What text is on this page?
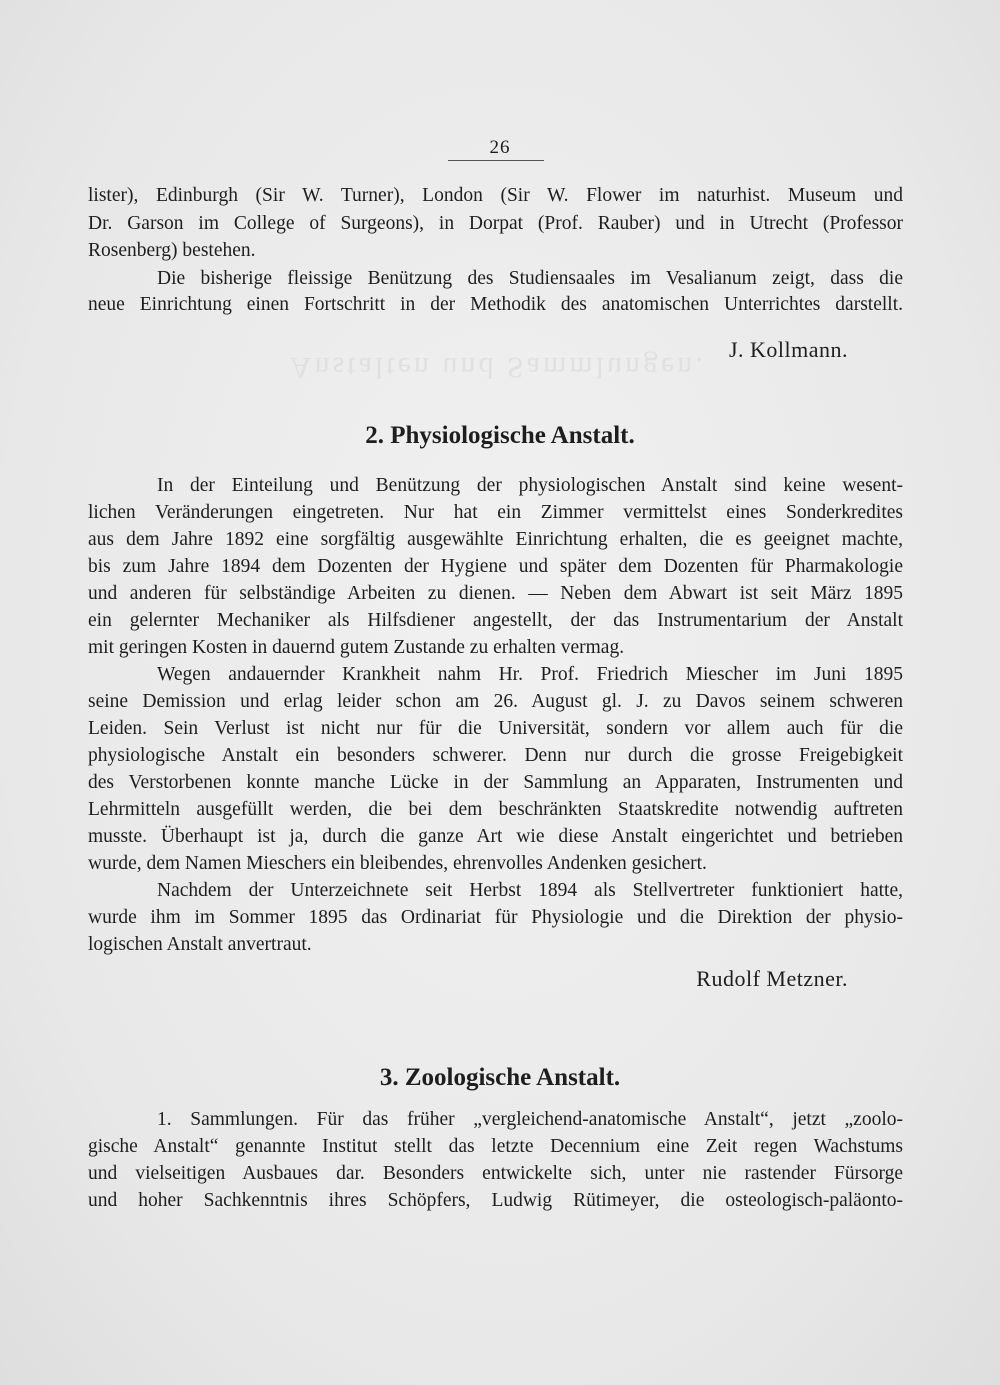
Anstalten und Sammlungen.
26
lister), Edinburgh (Sir W. Turner), London (Sir W. Flower im naturhist. Museum und
Dr. Garson im College of Surgeons), in Dorpat (Prof. Rauber) und in Utrecht (Professor
Rosenberg) bestehen.
Die bisherige fleissige Benützung des Studiensaales im Vesalianum zeigt, dass die
neue Einrichtung einen Fortschritt in der Methodik des anatomischen Unterrichtes darstellt.
J. Kollmann.
2. Physiologische Anstalt.
In der Einteilung und Benützung der physiologischen Anstalt sind keine wesent-
lichen Veränderungen eingetreten. Nur hat ein Zimmer vermittelst eines Sonderkredites
aus dem Jahre 1892 eine sorgfältig ausgewählte Einrichtung erhalten, die es geeignet machte,
bis zum Jahre 1894 dem Dozenten der Hygiene und später dem Dozenten für Pharmakologie
und anderen für selbständige Arbeiten zu dienen. — Neben dem Abwart ist seit März 1895
ein gelernter Mechaniker als Hilfsdiener angestellt, der das Instrumentarium der Anstalt
mit geringen Kosten in dauernd gutem Zustande zu erhalten vermag.
Wegen andauernder Krankheit nahm Hr. Prof. Friedrich Miescher im Juni 1895
seine Demission und erlag leider schon am 26. August gl. J. zu Davos seinem schweren
Leiden. Sein Verlust ist nicht nur für die Universität, sondern vor allem auch für die
physiologische Anstalt ein besonders schwerer. Denn nur durch die grosse Freigebigkeit
des Verstorbenen konnte manche Lücke in der Sammlung an Apparaten, Instrumenten und
Lehrmitteln ausgefüllt werden, die bei dem beschränkten Staatskredite notwendig auftreten
musste. Überhaupt ist ja, durch die ganze Art wie diese Anstalt eingerichtet und betrieben
wurde, dem Namen Mieschers ein bleibendes, ehrenvolles Andenken gesichert.
Nachdem der Unterzeichnete seit Herbst 1894 als Stellvertreter funktioniert hatte,
wurde ihm im Sommer 1895 das Ordinariat für Physiologie und die Direktion der physio-
logischen Anstalt anvertraut.
Rudolf Metzner.
3. Zoologische Anstalt.
1. Sammlungen. Für das früher „vergleichend-anatomische Anstalt“, jetzt „zoolo-
gische Anstalt“ genannte Institut stellt das letzte Decennium eine Zeit regen Wachstums
und vielseitigen Ausbaues dar. Besonders entwickelte sich, unter nie rastender Fürsorge
und hoher Sachkenntnis ihres Schöpfers, Ludwig Rütimeyer, die osteologisch-paläonto-
